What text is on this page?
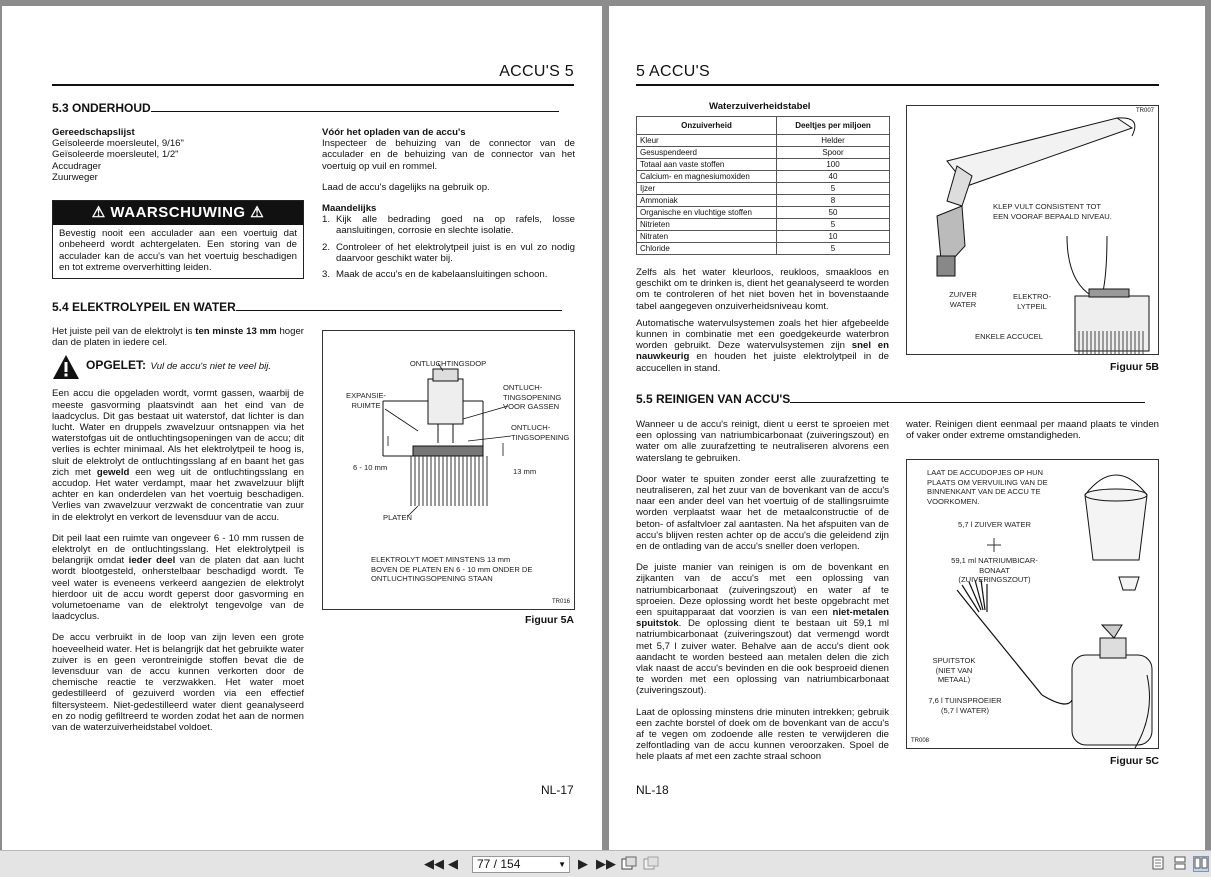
ACCU'S 5
5.3 ONDERHOUD
Gereedschapslijst
Geïsoleerde moersleutel, 9/16"
Geïsoleerde moersleutel, 1/2"
Accudrager
Zuurweger
⚠ WAARSCHUWING ⚠
Bevestig nooit een acculader aan een voertuig dat onbeheerd wordt achtergelaten. Een storing van de acculader kan de accu's van het voertuig beschadigen en tot extreme oververhitting leiden.
Vóór het opladen van de accu's
Inspecteer de behuizing van de connector van de acculader en de behuizing van de connector van het voertuig op vuil en rommel.
Laad de accu's dagelijks na gebruik op.
Maandelijks
1. Kijk alle bedrading goed na op rafels, losse aansluitingen, corrosie en slechte isolatie.
2. Controleer of het elektrolytpeil juist is en vul zo nodig daarvoor geschikt water bij.
3. Maak de accu's en de kabelaansluitingen schoon.
5.4 ELEKTROLYPEIL EN WATER
Het juiste peil van de elektrolyt is ten minste 13 mm hoger dan de platen in iedere cel.
OPGELET: Vul de accu's niet te veel bij.
Een accu die opgeladen wordt, vormt gassen, waarbij de meeste gasvorming plaatsvindt aan het eind van de laadcyclus. Dit gas bestaat uit waterstof, dat lichter is dan lucht. Water en druppels zwavelzuur ontsnappen via het waterstofgas uit de ontluchtingsopeningen van de accu; dit verlies is echter minimaal. Als het elektrolytpeil te hoog is, sluit de elektrolyt de ontluchtingsslang af en baant het gas zich met geweld een weg uit de ontluchtingsslang en accudop. Het water verdampt, maar het zwavelzuur blijft achter en kan onderdelen van het voertuig beschadigen. Verlies van zwavelzuur verzwakt de concentratie van zuur in de elektrolyt en verkort de levensduur van de accu.
Dit peil laat een ruimte van ongeveer 6 - 10 mm russen de elektrolyt en de ontluchtingsslang. Het elektrolytpeil is belangrijk omdat ieder deel van de platen dat aan lucht wordt blootgesteld, onherstelbaar beschadigd wordt. Te veel water is eveneens verkeerd aangezien de elektrolyt hierdoor uit de accu wordt geperst door gasvorming en volumetoename van de elektrolyt tengevolge van de laadcyclus.
De accu verbruikt in de loop van zijn leven een grote hoeveelheid water. Het is belangrijk dat het gebruikte water zuiver is en geen verontreinigde stoffen bevat die de levensduur van de accu kunnen verkorten door de chemische reactie te verzwakken. Het water moet gedestilleerd of gezuiverd worden via een effectief filtersysteem. Niet-gedestilleerd water dient geanalyseerd en zo nodig gefiltreerd te worden zodat het aan de normen van de waterzuiverheidstabel voldoet.
ONTLUCHTINGSDOP
EXPANSIE-
RUIMTE
ONTLUCH-
TINGSOPENING
VOOR GASSEN
ONTLUCH-
TINGSOPENING
6 - 10 mm	13 mm
PLATEN
ELEKTROLYT MOET MINSTENS 13 mm
BOVEN DE PLATEN EN 6 - 10 mm ONDER DE
ONTLUCHTINGSOPENING STAAN
TR016
Figuur 5A
NL-17
5 ACCU'S
Waterzuiverheidstabel
Onzuiverheid	Deeltjes per miljoen
Kleur	Helder
Gesuspendeerd	Spoor
Totaal aan vaste stoffen	100
Calcium- en magnesiumoxiden	40
Ijzer	5
Ammoniak	8
Organische en vluchtige stoffen	50
Nitrieten	5
Nitraten	10
Chloride	5
Zelfs als het water kleurloos, reukloos, smaakloos en geschikt om te drinken is, dient het geanalyseerd te worden om te controleren of het niet boven het in bovenstaande tabel aangegeven onzuiverheidsniveau komt.
Automatische watervulsystemen zoals het hier afgebeelde kunnen in combinatie met een goedgekeurde waterbron worden gebruikt. Deze watervulsystemen zijn snel en nauwkeurig en houden het juiste elektrolytpeil in de accucellen in stand.
TR007
KLEP VULT CONSISTENT TOT
EEN VOORAF BEPAALD NIVEAU.
ZUIVER
WATER
ELEKTRO-
LYTPEIL
ENKELE ACCUCEL
Figuur 5B
5.5 REINIGEN VAN ACCU'S
Wanneer u de accu's reinigt, dient u eerst te sproeien met een oplossing van natriumbicarbonaat (zuiveringszout) en water om alle zuurafzetting te neutraliseren alvorens een waterslang te gebruiken.
Door water te spuiten zonder eerst alle zuurafzetting te neutraliseren, zal het zuur van de bovenkant van de accu's naar een ander deel van het voertuig of de stallingsruimte worden verplaatst waar het de metaalconstructie of de beton- of asfaltvloer zal aantasten. Na het afspuiten van de accu's blijven resten achter op de accu's die geleidend zijn en de ontlading van de accu's sneller doen verlopen.
De juiste manier van reinigen is om de bovenkant en zijkanten van de accu's met een oplossing van natriumbicarbonaat (zuiveringszout) en water af te sproeien. Deze oplossing wordt het beste opgebracht met een spuitapparaat dat voorzien is van een niet-metalen spuitstok. De oplossing dient te bestaan uit 59,1 ml natriumbicarbonaat (zuiveringszout) dat vermengd wordt met 5,7 l zuiver water. Behalve aan de accu's dient ook aandacht te worden besteed aan metalen delen die zich vlak naast de accu's bevinden en die ook besproeid dienen te worden met een oplossing van natriumbicarbonaat (zuiveringszout).
Laat de oplossing minstens drie minuten intrekken; gebruik een zachte borstel of doek om de bovenkant van de accu's af te vegen om zodoende alle resten te verwijderen die zelfontlading van de accu kunnen veroorzaken. Spoel de hele plaats af met een zachte straal schoon
water. Reinigen dient eenmaal per maand plaats te vinden of vaker onder extreme omstandigheden.
LAAT DE ACCUDOPJES OP HUN
PLAATS OM VERVUILING VAN DE
BINNENKANT VAN DE ACCU TE
VOORKOMEN.
5,7 l ZUIVER WATER
59,1 ml NATRIUMBICAR-
BONAAT
(ZUIVERINGSZOUT)
SPUITSTOK
(NIET VAN
METAAL)
7,6 l TUINSPROEIER
(5,7 l WATER)
TR008
Figuur 5C
NL-18
◀◀ ◀	77 / 154	▼ ▶ ▶▶
